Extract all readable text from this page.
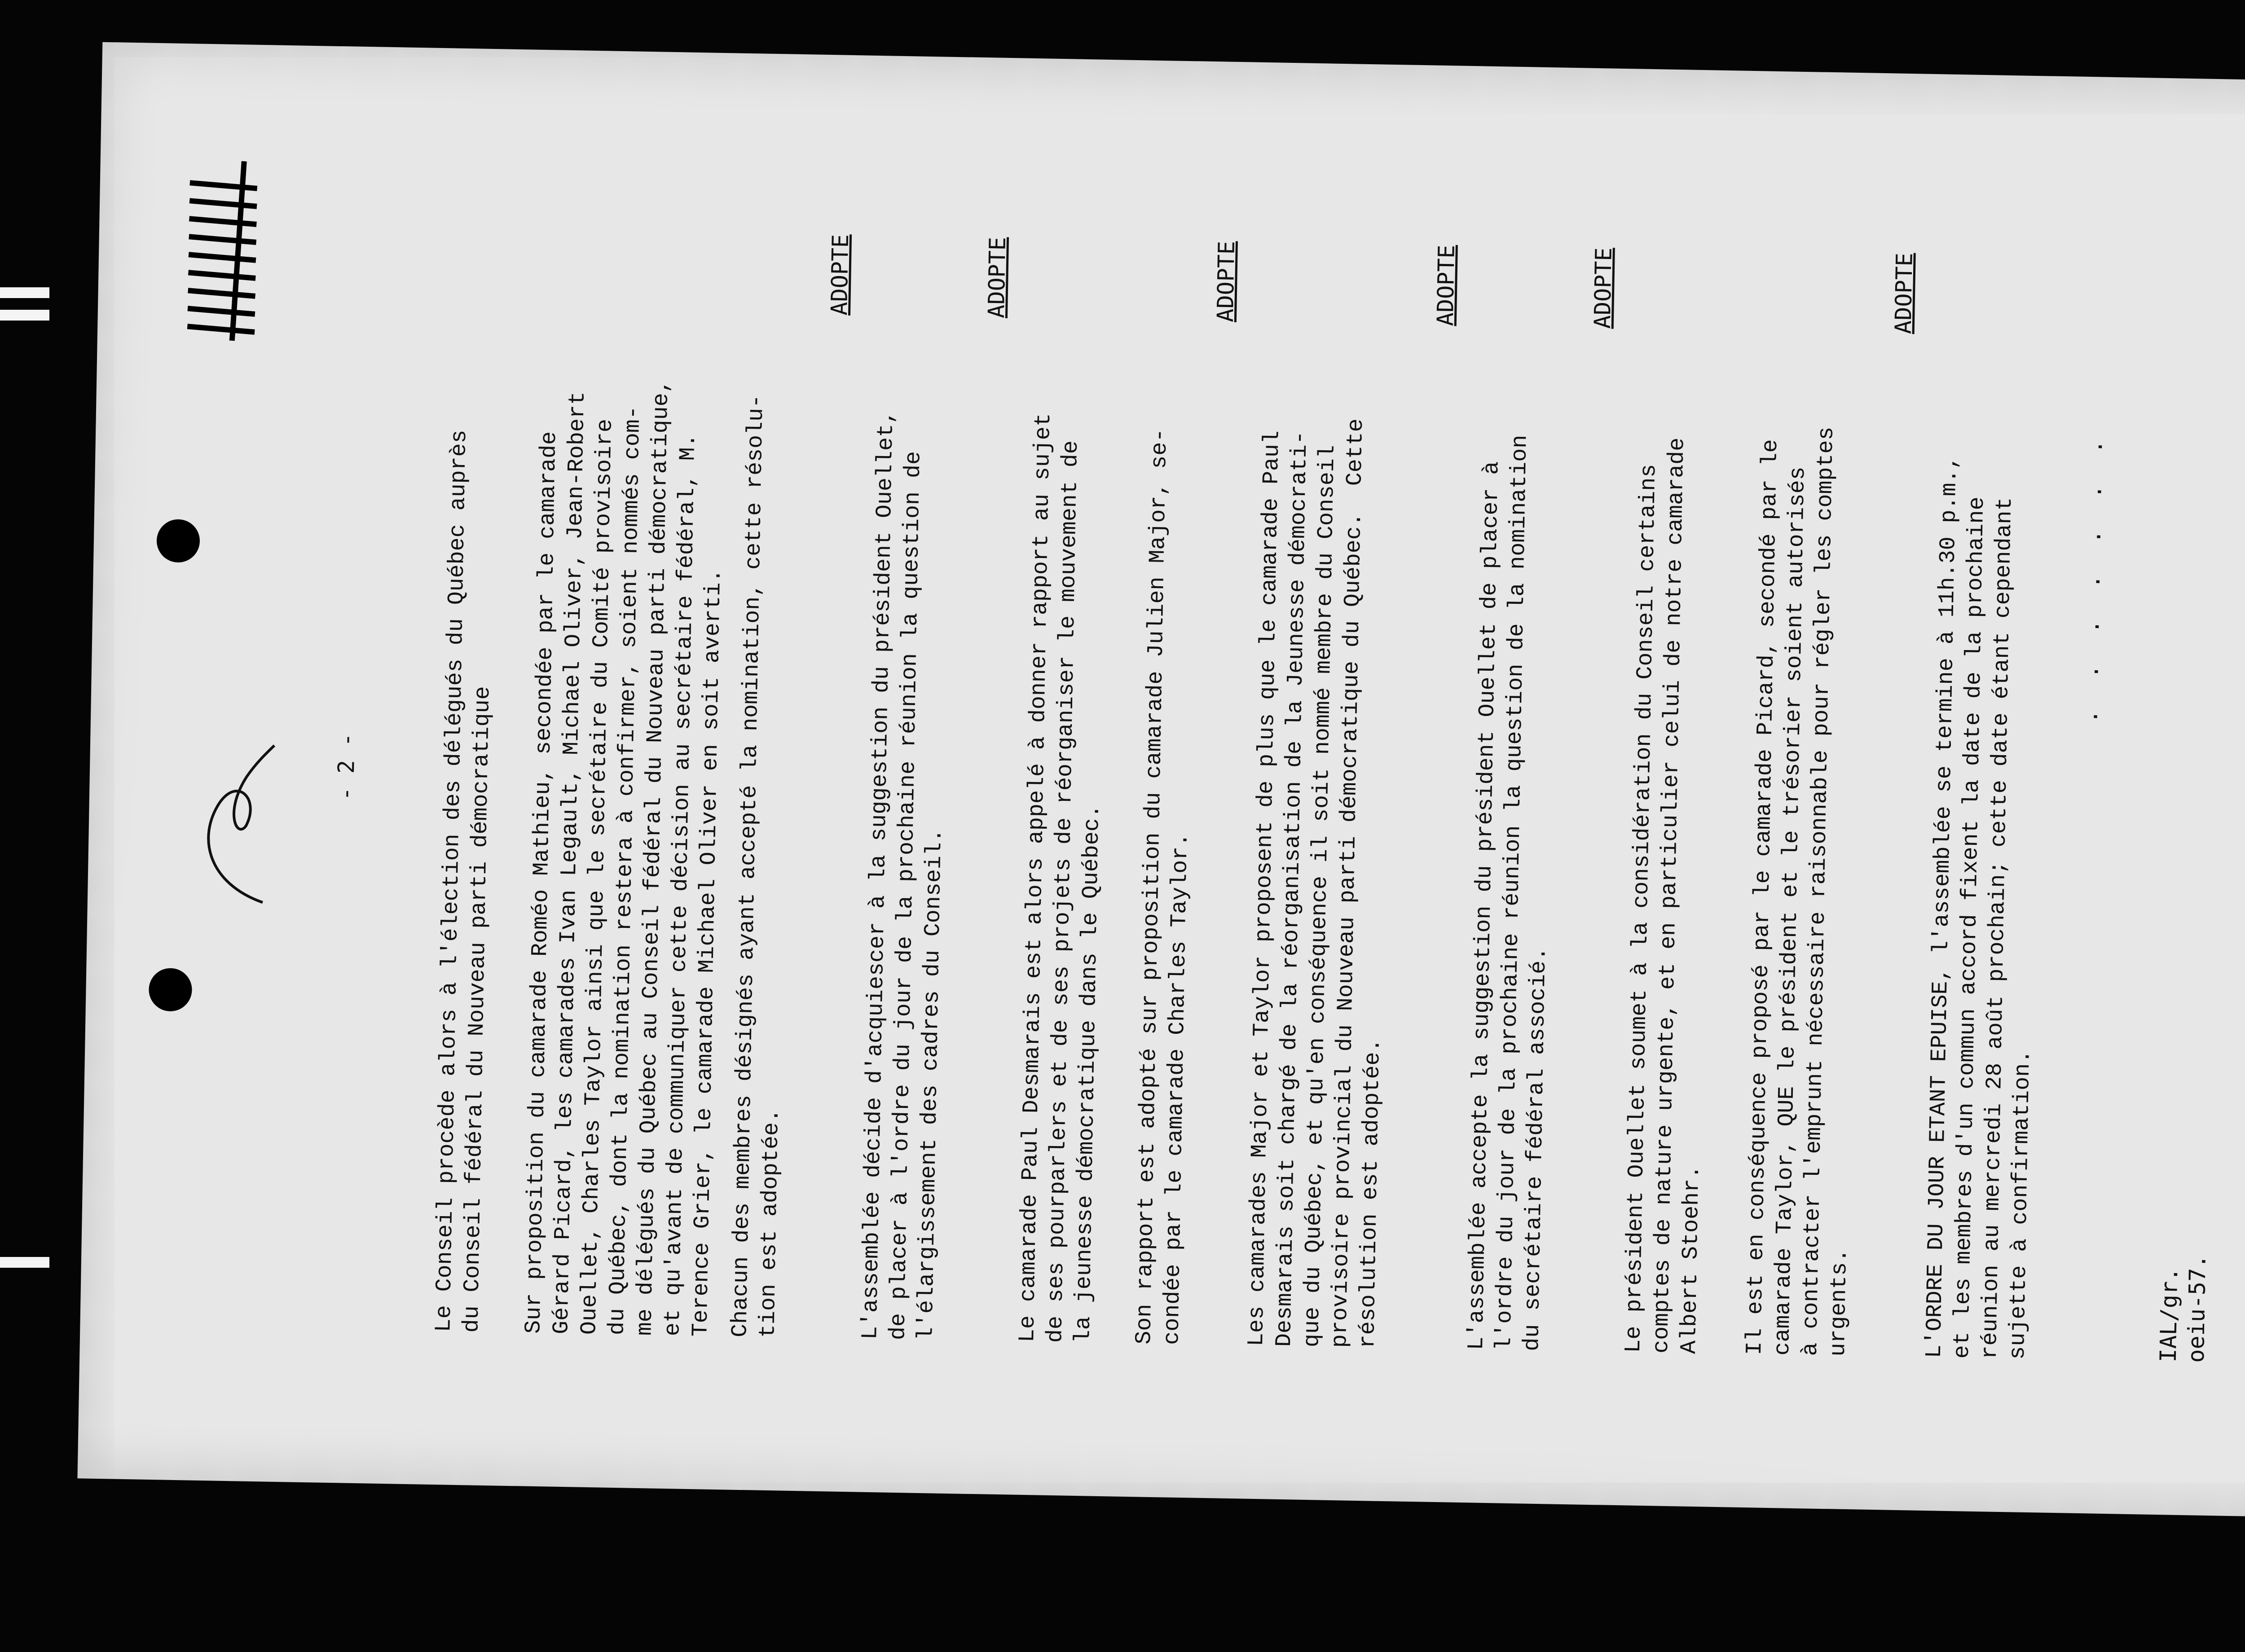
- 2 -	Le Conseil procède alors à l'élection des délégués du Québec auprès
du Conseil fédéral du Nouveau parti démocratique	Sur proposition du camarade Roméo Mathieu, secondée par le camarade
Gérard Picard, les camarades Ivan Legault, Michael Oliver, Jean-Robert
Ouellet, Charles Taylor ainsi que le secrétaire du Comité provisoire
du Québec, dont la nomination restera à confirmer, soient nommés com-
me délégués du Québec au Conseil fédéral du Nouveau parti démocratique,
et qu'avant de communiquer cette décision au secrétaire fédéral, M.
Terence Grier, le camarade Michael Oliver en soit averti. Chacun des membres désignés ayant accepté la nomination, cette résolu-
tion est adoptée.
ADOPTE
L'assemblée décide d'acquiescer à la suggestion du président Ouellet,
de placer à l'ordre du jour de la prochaine réunion la question de
l'élargissement des cadres du Conseil.
ADOPTE
Le camarade Paul Desmarais est alors appelé à donner rapport au sujet
de ses pourparlers et de ses projets de réorganiser le mouvement de
la jeunesse démocratique dans le Québec.	Son rapport est adopté sur proposition du camarade Julien Major, se-
condée par le camarade Charles Taylor.
ADOPTE
Les camarades Major et Taylor proposent de plus que le camarade Paul
Desmarais soit chargé de la réorganisation de la Jeunesse démocrati-
que du Québec, et qu'en conséquence il soit nommé membre du Conseil
provisoire provincial du Nouveau parti démocratique du Québec.  Cette
résolution est adoptée.
ADOPTE
L'assemblée accepte la suggestion du président Ouellet de placer à
l'ordre du jour de la prochaine réunion la question de la nomination
du secrétaire fédéral associé.
ADOPTE
Le président Ouellet soumet à la considération du Conseil certains
comptes de nature urgente, et en particulier celui de notre camarade
Albert Stoehr.	Il est en conséquence proposé par le camarade Picard, secondé par le
camarade Taylor, QUE le président et le trésorier soient autorisés
à contracter l'emprunt nécessaire raisonnable pour régler les comptes
urgents.
ADOPTE
L'ORDRE DU JOUR ETANT EPUISE, l'assemblée se termine à 11h.30 p.m.,
et les membres d'un commun accord fixent la date de la prochaine
réunion au mercredi 28 août prochain; cette date étant cependant
sujette à confirmation.
. . . . . . .
IAL/gr. oeiu-57.
